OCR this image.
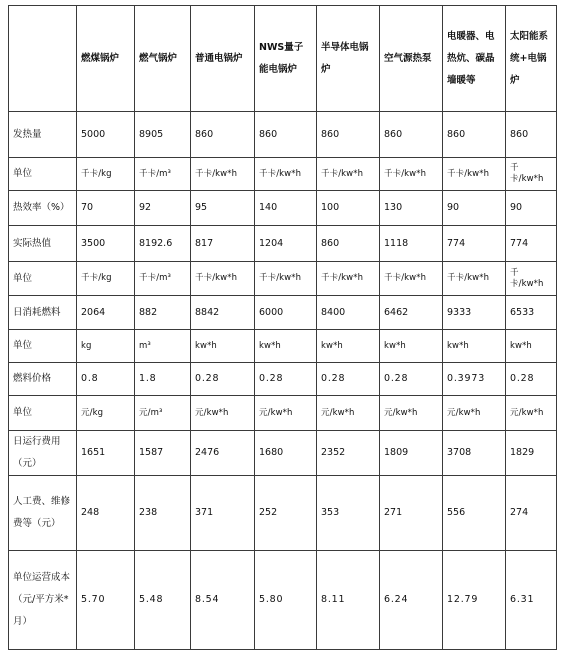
	燃煤锅炉	燃气锅炉	普通电锅炉	NWS量子能电锅炉	半导体电锅炉	空气源热泵	电暖器、电热炕、碳晶墙暖等	太阳能系统+电锅炉
发热量	5000	8905	860	860	860	860	860	860
单位	千卡/kg	千卡/m³	千卡/kw*h	千卡/kw*h	千卡/kw*h	千卡/kw*h	千卡/kw*h	千卡/kw*h
热效率（%）	70	92	95	140	100	130	90	90
实际热值	3500	8192.6	817	1204	860	1118	774	774
单位	千卡/kg	千卡/m³	千卡/kw*h	千卡/kw*h	千卡/kw*h	千卡/kw*h	千卡/kw*h	千卡/kw*h
日消耗燃料	2064	882	8842	6000	8400	6462	9333	6533
单位	kg	m³	kw*h	kw*h	kw*h	kw*h	kw*h	kw*h
燃料价格	0.8	1.8	0.28	0.28	0.28	0.28	0.3973	0.28
单位	元/kg	元/m³	元/kw*h	元/kw*h	元/kw*h	元/kw*h	元/kw*h	元/kw*h
日运行费用（元）	1651	1587	2476	1680	2352	1809	3708	1829
人工费、维修费等（元）	248	238	371	252	353	271	556	274
单位运营成本（元/平方米*月）	5.70	5.48	8.54	5.80	8.11	6.24	12.79	6.31
